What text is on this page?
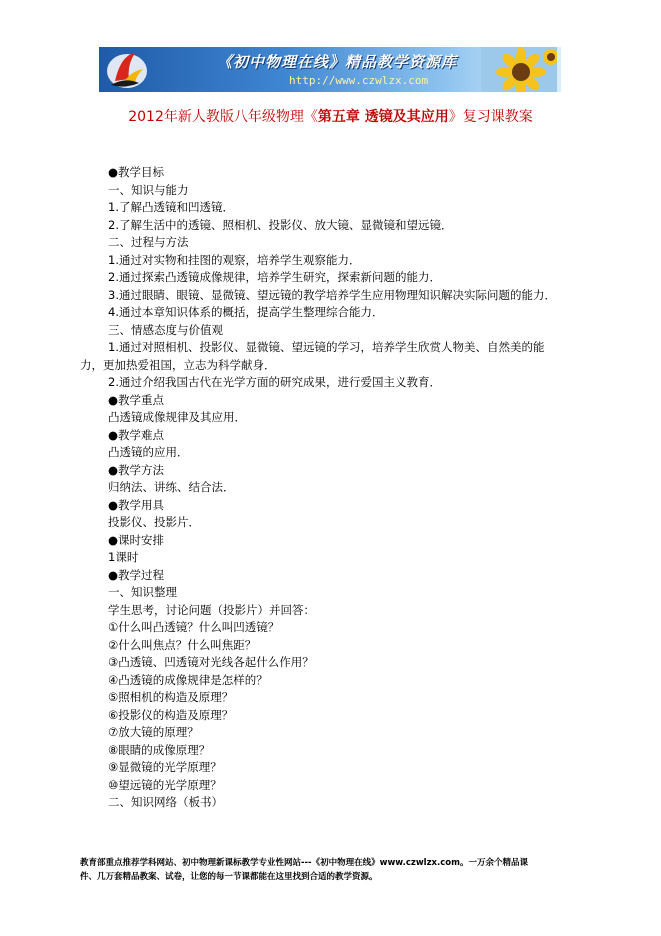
《初中物理在线》精品教学资源库
http://www.czwlzx.com
2012年新人教版八年级物理《第五章 透镜及其应用》复习课教案
●教学目标
一、知识与能力
1.了解凸透镜和凹透镜．
2.了解生活中的透镜、照相机、投影仪、放大镜、显微镜和望远镜．
二、过程与方法
1.通过对实物和挂图的观察，培养学生观察能力．
2.通过探索凸透镜成像规律，培养学生研究，探索新问题的能力．
3.通过眼睛、眼镜、显微镜、望远镜的教学培养学生应用物理知识解决实际问题的能力．
4.通过本章知识体系的概括，提高学生整理综合能力．
三、情感态度与价值观
1.通过对照相机、投影仪、显微镜、望远镜的学习，培养学生欣赏人物美、自然美的能力，更加热爱祖国，立志为科学献身．
2.通过介绍我国古代在光学方面的研究成果，进行爱国主义教育．
●教学重点
凸透镜成像规律及其应用．
●教学难点
凸透镜的应用．
●教学方法
归纳法、讲练、结合法．
●教学用具
投影仪、投影片．
●课时安排
1课时
●教学过程
一、知识整理
学生思考，讨论问题（投影片）并回答：
①什么叫凸透镜？什么叫凹透镜？
②什么叫焦点？什么叫焦距？
③凸透镜、凹透镜对光线各起什么作用？
④凸透镜的成像规律是怎样的？
⑤照相机的构造及原理？
⑥投影仪的构造及原理？
⑦放大镜的原理？
⑧眼睛的成像原理？
⑨显微镜的光学原理？
⑩望远镜的光学原理？
二、知识网络（板书）
教育部重点推荐学科网站、初中物理新课标教学专业性网站---《初中物理在线》www.czwlzx.com。一万余个精品课
件、几万套精品教案、试卷，让您的每一节课都能在这里找到合适的教学资源。
